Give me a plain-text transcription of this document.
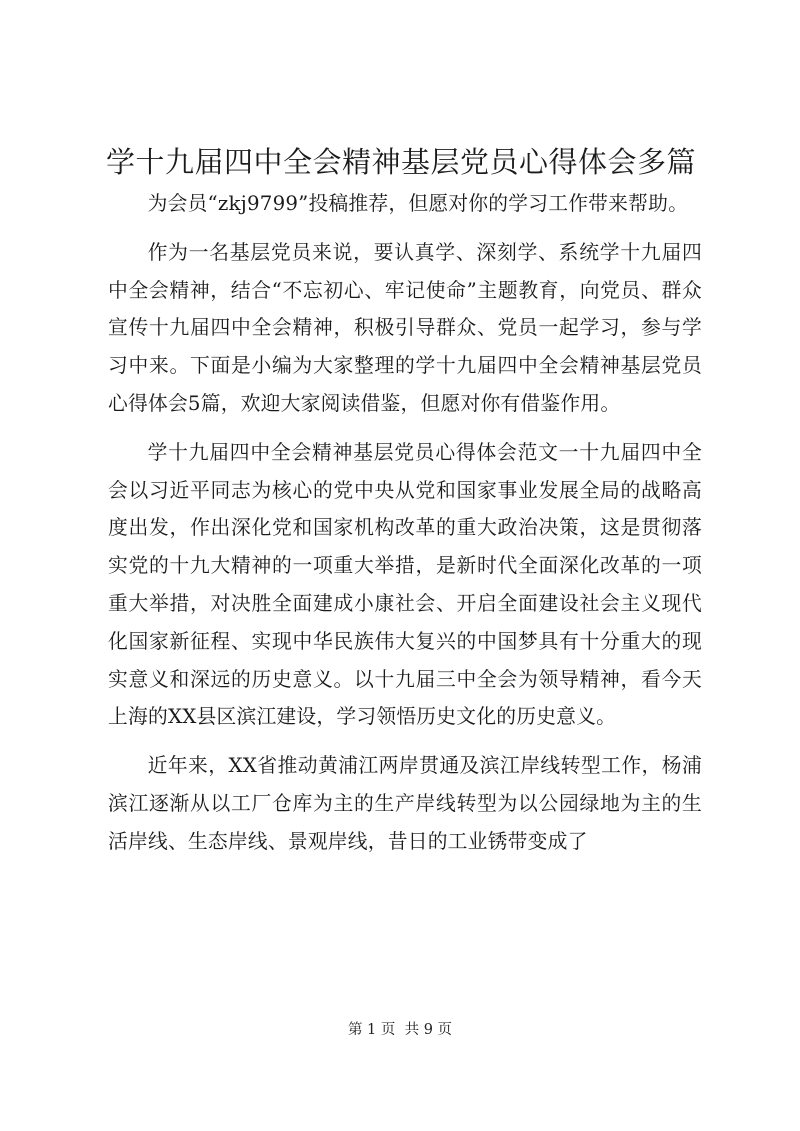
学十九届四中全会精神基层党员心得体会多篇

为会员“zkj9799”投稿推荐，但愿对你的学习工作带来帮助。

作为一名基层党员来说，要认真学、深刻学、系统学十九届四中全会精神，结合“不忘初心、牢记使命”主题教育，向党员、群众宣传十九届四中全会精神，积极引导群众、党员一起学习，参与学习中来。下面是小编为大家整理的学十九届四中全会精神基层党员心得体会5篇，欢迎大家阅读借鉴，但愿对你有借鉴作用。

学十九届四中全会精神基层党员心得体会范文一十九届四中全会以习近平同志为核心的党中央从党和国家事业发展全局的战略高度出发，作出深化党和国家机构改革的重大政治决策，这是贯彻落实党的十九大精神的一项重大举措，是新时代全面深化改革的一项重大举措，对决胜全面建成小康社会、开启全面建设社会主义现代化国家新征程、实现中华民族伟大复兴的中国梦具有十分重大的现实意义和深远的历史意义。以十九届三中全会为领导精神，看今天上海的XX县区滨江建设，学习领悟历史文化的历史意义。

近年来，XX省推动黄浦江两岸贯通及滨江岸线转型工作，杨浦滨江逐渐从以工厂仓库为主的生产岸线转型为以公园绿地为主的生活岸线、生态岸线、景观岸线，昔日的工业锈带变成了

第 1 页  共 9 页
